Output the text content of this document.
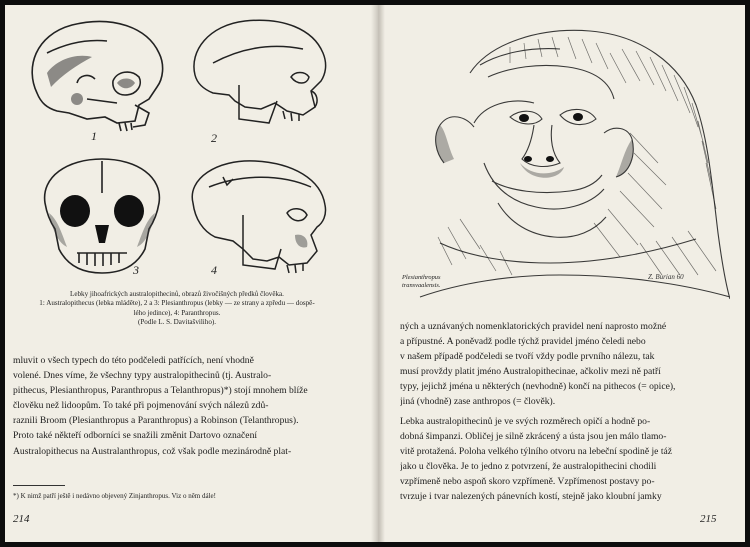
1	2
3	4
Lebky jihoafrických australopithecinů, obrazů živočišných předků člověka.
1: Australopithecus (lebka mláděte), 2 a 3: Plesianthropus (lebky — ze strany a zpředu — dospě-
lého jedince), 4: Paranthropus.
(Podle L. S. Davitašviliho).
mluvit o všech typech do této podčeledi patřících, není vhodně
volené. Dnes víme, že všechny typy australopithecinů (tj. Australo-
pithecus, Plesianthropus, Paranthropus a Telanthropus)*) stojí mnohem blíže
člověku než lidoopům. To také při pojmenování svých nálezů zdů-
raznili Broom (Plesianthropus a Paranthropus) a Robinson (Telanthropus).
Proto také někteří odborníci se snažili změnit Dartovo označení
Australopithecus na Australanthropus, což však podle mezinárodně plat-
*) K nimž patří ještě i nedávno objevený Zinjanthropus. Viz o něm dále!
214
Plesianthropus
transvaalensis.
Z. Burian 60
ných a uznávaných nomenklatorických pravidel není naprosto možné
a přípustné. A poněvadž podle týchž pravidel jméno čeledi nebo
v našem případě podčeledi se tvoří vždy podle prvního nálezu, tak
musí provždy platit jméno Australopithecinae, ačkoliv mezi ně patří
typy, jejichž jména u některých (nevhodně) končí na pithecos (= opice),
jiná (vhodně) zase anthropos (= člověk).
Lebka australopithecinů je ve svých rozměrech opičí a hodně po-
dobná šimpanzi. Obličej je silně zkrácený a ústa jsou jen málo tlamo-
vitě protažená. Poloha velkého týlního otvoru na lebeční spodině je táž
jako u člověka. Je to jedno z potvrzení, že australopithecini chodili
vzpřímeně nebo aspoň skoro vzpřímeně. Vzpřímenost postavy po-
tvrzuje i tvar nalezených pánevních kostí, stejně jako kloubní jamky
215
